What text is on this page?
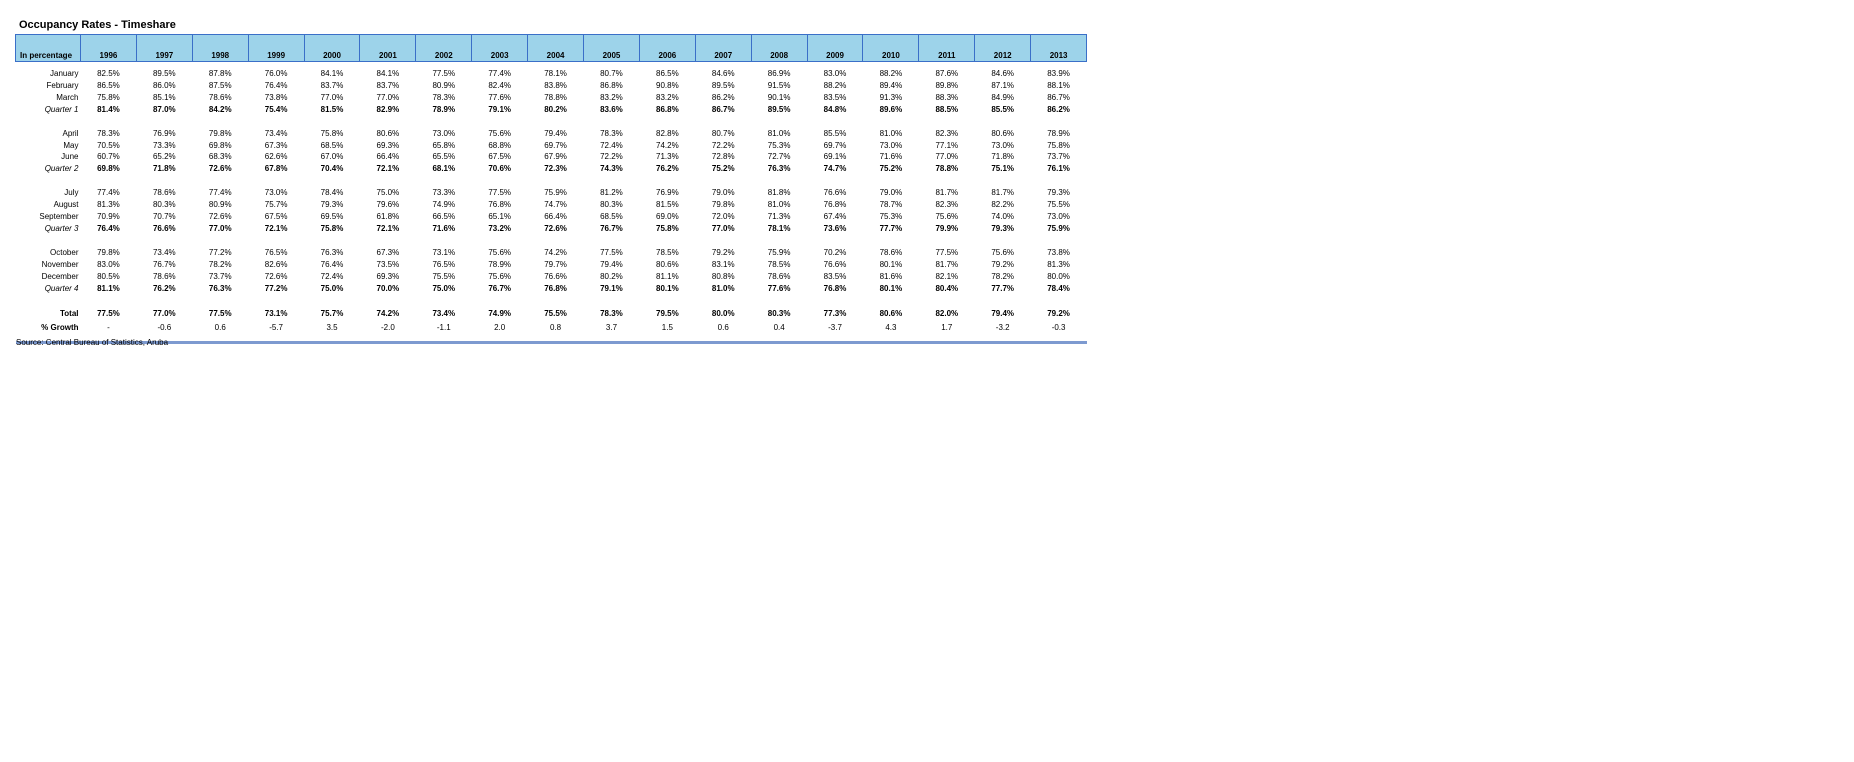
Occupancy Rates - Timeshare
In percentage	1996	1997	1998	1999	2000	2001	2002	2003	2004	2005	2006	2007	2008	2009	2010	2011	2012	2013

January	82.5%	89.5%	87.8%	76.0%	84.1%	84.1%	77.5%	77.4%	78.1%	80.7%	86.5%	84.6%	86.9%	83.0%	88.2%	87.6%	84.6%	83.9%
February	86.5%	86.0%	87.5%	76.4%	83.7%	83.7%	80.9%	82.4%	83.8%	86.8%	90.8%	89.5%	91.5%	88.2%	89.4%	89.8%	87.1%	88.1%
March	75.8%	85.1%	78.6%	73.8%	77.0%	77.0%	78.3%	77.6%	78.8%	83.2%	83.2%	86.2%	90.1%	83.5%	91.3%	88.3%	84.9%	86.7%
Quarter 1	81.4%	87.0%	84.2%	75.4%	81.5%	82.9%	78.9%	79.1%	80.2%	83.6%	86.8%	86.7%	89.5%	84.8%	89.6%	88.5%	85.5%	86.2%

April	78.3%	76.9%	79.8%	73.4%	75.8%	80.6%	73.0%	75.6%	79.4%	78.3%	82.8%	80.7%	81.0%	85.5%	81.0%	82.3%	80.6%	78.9%
May	70.5%	73.3%	69.8%	67.3%	68.5%	69.3%	65.8%	68.8%	69.7%	72.4%	74.2%	72.2%	75.3%	69.7%	73.0%	77.1%	73.0%	75.8%
June	60.7%	65.2%	68.3%	62.6%	67.0%	66.4%	65.5%	67.5%	67.9%	72.2%	71.3%	72.8%	72.7%	69.1%	71.6%	77.0%	71.8%	73.7%
Quarter 2	69.8%	71.8%	72.6%	67.8%	70.4%	72.1%	68.1%	70.6%	72.3%	74.3%	76.2%	75.2%	76.3%	74.7%	75.2%	78.8%	75.1%	76.1%

July	77.4%	78.6%	77.4%	73.0%	78.4%	75.0%	73.3%	77.5%	75.9%	81.2%	76.9%	79.0%	81.8%	76.6%	79.0%	81.7%	81.7%	79.3%
August	81.3%	80.3%	80.9%	75.7%	79.3%	79.6%	74.9%	76.8%	74.7%	80.3%	81.5%	79.8%	81.0%	76.8%	78.7%	82.3%	82.2%	75.5%
September	70.9%	70.7%	72.6%	67.5%	69.5%	61.8%	66.5%	65.1%	66.4%	68.5%	69.0%	72.0%	71.3%	67.4%	75.3%	75.6%	74.0%	73.0%
Quarter 3	76.4%	76.6%	77.0%	72.1%	75.8%	72.1%	71.6%	73.2%	72.6%	76.7%	75.8%	77.0%	78.1%	73.6%	77.7%	79.9%	79.3%	75.9%

October	79.8%	73.4%	77.2%	76.5%	76.3%	67.3%	73.1%	75.6%	74.2%	77.5%	78.5%	79.2%	75.9%	70.2%	78.6%	77.5%	75.6%	73.8%
November	83.0%	76.7%	78.2%	82.6%	76.4%	73.5%	76.5%	78.9%	79.7%	79.4%	80.6%	83.1%	78.5%	76.6%	80.1%	81.7%	79.2%	81.3%
December	80.5%	78.6%	73.7%	72.6%	72.4%	69.3%	75.5%	75.6%	76.6%	80.2%	81.1%	80.8%	78.6%	83.5%	81.6%	82.1%	78.2%	80.0%
Quarter 4	81.1%	76.2%	76.3%	77.2%	75.0%	70.0%	75.0%	76.7%	76.8%	79.1%	80.1%	81.0%	77.6%	76.8%	80.1%	80.4%	77.7%	78.4%

Total	77.5%	77.0%	77.5%	73.1%	75.7%	74.2%	73.4%	74.9%	75.5%	78.3%	79.5%	80.0%	80.3%	77.3%	80.6%	82.0%	79.4%	79.2%
% Growth	-	-0.6	0.6	-5.7	3.5	-2.0	-1.1	2.0	0.8	3.7	1.5	0.6	0.4	-3.7	4.3	1.7	-3.2	-0.3

Source: Central Bureau of Statistics, Aruba
